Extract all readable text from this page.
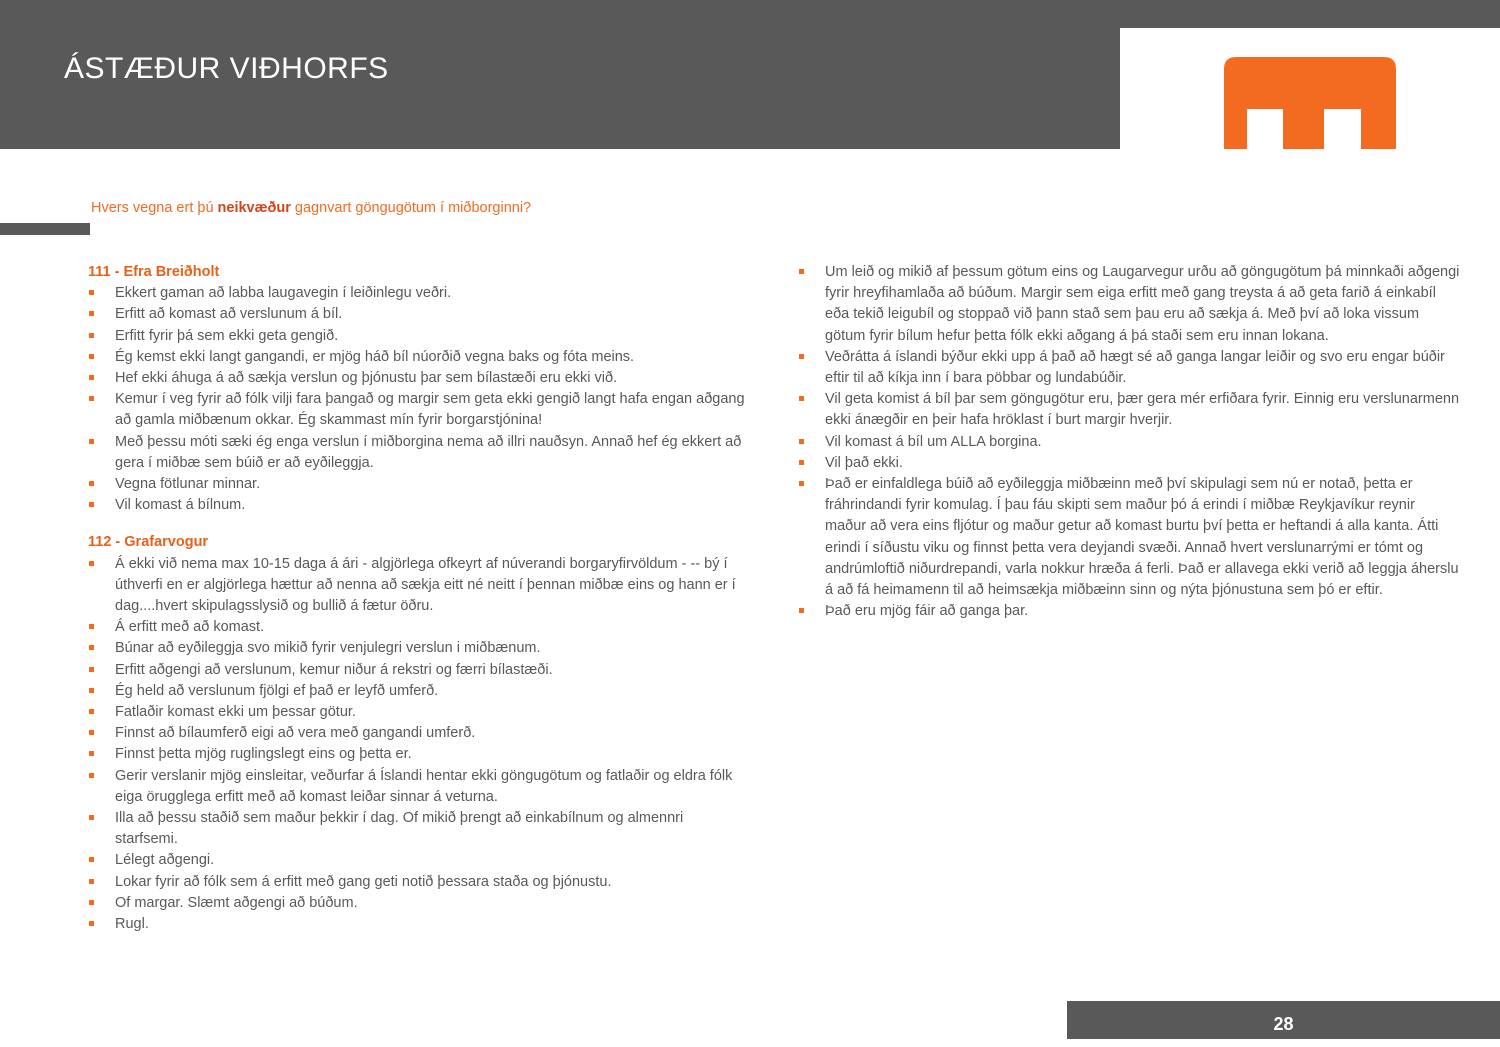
ÁSTÆÐUR VIÐHORFS
Hvers vegna ert þú neikvæður gagnvart göngugötum í miðborginni?
111 - Efra Breiðholt
Ekkert gaman að labba laugavegin í leiðinlegu veðri.
Erfitt að komast að verslunum á bíl.
Erfitt fyrir þá sem ekki geta gengið.
Ég kemst ekki langt gangandi, er mjög háð bíl núorðið vegna baks og fóta meins.
Hef ekki áhuga á að sækja verslun og þjónustu þar sem bílastæði eru ekki við.
Kemur í veg fyrir að fólk vilji fara þangað og margir sem geta ekki gengið langt hafa engan aðgang að gamla miðbænum okkar. Ég skammast mín fyrir borgarstjónina!
Með þessu móti sæki ég enga verslun í miðborgina nema að illri nauðsyn. Annað hef ég ekkert að gera í miðbæ sem búið er að eyðileggja.
Vegna fötlunar minnar.
Vil komast á bílnum.
112 - Grafarvogur
Á ekki við nema max 10-15 daga á ári - algjörlega ofkeyrt af núverandi borgaryfirvöldum - -- bý í úthverfi en er algjörlega hættur að nenna að sækja eitt né neitt í þennan miðbæ eins og hann er í dag....hvert skipulagsslysið og bullið á fætur öðru.
Á erfitt með að komast.
Búnar að eyðileggja svo mikið fyrir venjulegri verslun i miðbænum.
Erfitt aðgengi að verslunum, kemur niður á rekstri og færri bílastæði.
Ég held að verslunum fjölgi ef það er leyfð umferð.
Fatlaðir komast ekki um þessar götur.
Finnst að bílaumferð eigi að vera með gangandi umferð.
Finnst þetta mjög ruglingslegt eins og þetta er.
Gerir verslanir mjög einsleitar, veðurfar á Íslandi hentar ekki göngugötum og fatlaðir og eldra fólk eiga örugglega erfitt með að komast leiðar sinnar á veturna.
Illa að þessu staðið sem maður þekkir í dag. Of mikið þrengt að einkabílnum og almennri starfsemi.
Lélegt aðgengi.
Lokar fyrir að fólk sem á erfitt með gang geti notið þessara staða og þjónustu.
Of margar. Slæmt aðgengi að búðum.
Rugl.
Um leið og mikið af þessum götum eins og Laugarvegur urðu að göngugötum þá minnkaði aðgengi fyrir hreyfihamlaða að búðum. Margir sem eiga erfitt með gang treysta á að geta farið á einkabíl eða tekið leigubíl og stoppað við þann stað sem þau eru að sækja á. Með því að loka vissum götum fyrir bílum hefur þetta fólk ekki aðgang á þá staði sem eru innan lokana.
Veðrátta á íslandi býður ekki upp á það að hægt sé að ganga langar leiðir og svo eru engar búðir eftir til að kíkja inn í bara pöbbar og lundabúðir.
Vil geta komist á bíl þar sem göngugötur eru, þær gera mér erfiðara fyrir. Einnig eru verslunarmenn ekki ánægðir en þeir hafa hröklast í burt margir hverjir.
Vil komast á bíl um ALLA borgina.
Vil það ekki.
Það er einfaldlega búið að eyðileggja miðbæinn með því skipulagi sem nú er notað, þetta er fráhrindandi fyrir komulag. Í þau fáu skipti sem maður þó á erindi í miðbæ Reykjavíkur reynir maður að vera eins fljótur og maður getur að komast burtu því þetta er heftandi á alla kanta. Átti erindi í síðustu viku og finnst þetta vera deyjandi svæði. Annað hvert verslunarrými er tómt og andrúmloftið niðurdrepandi, varla nokkur hræða á ferli. Það er allavega ekki verið að leggja áherslu á að fá heimamenn til að heimsækja miðbæinn sinn og nýta þjónustuna sem þó er eftir.
Það eru mjög fáir að ganga þar.
28
